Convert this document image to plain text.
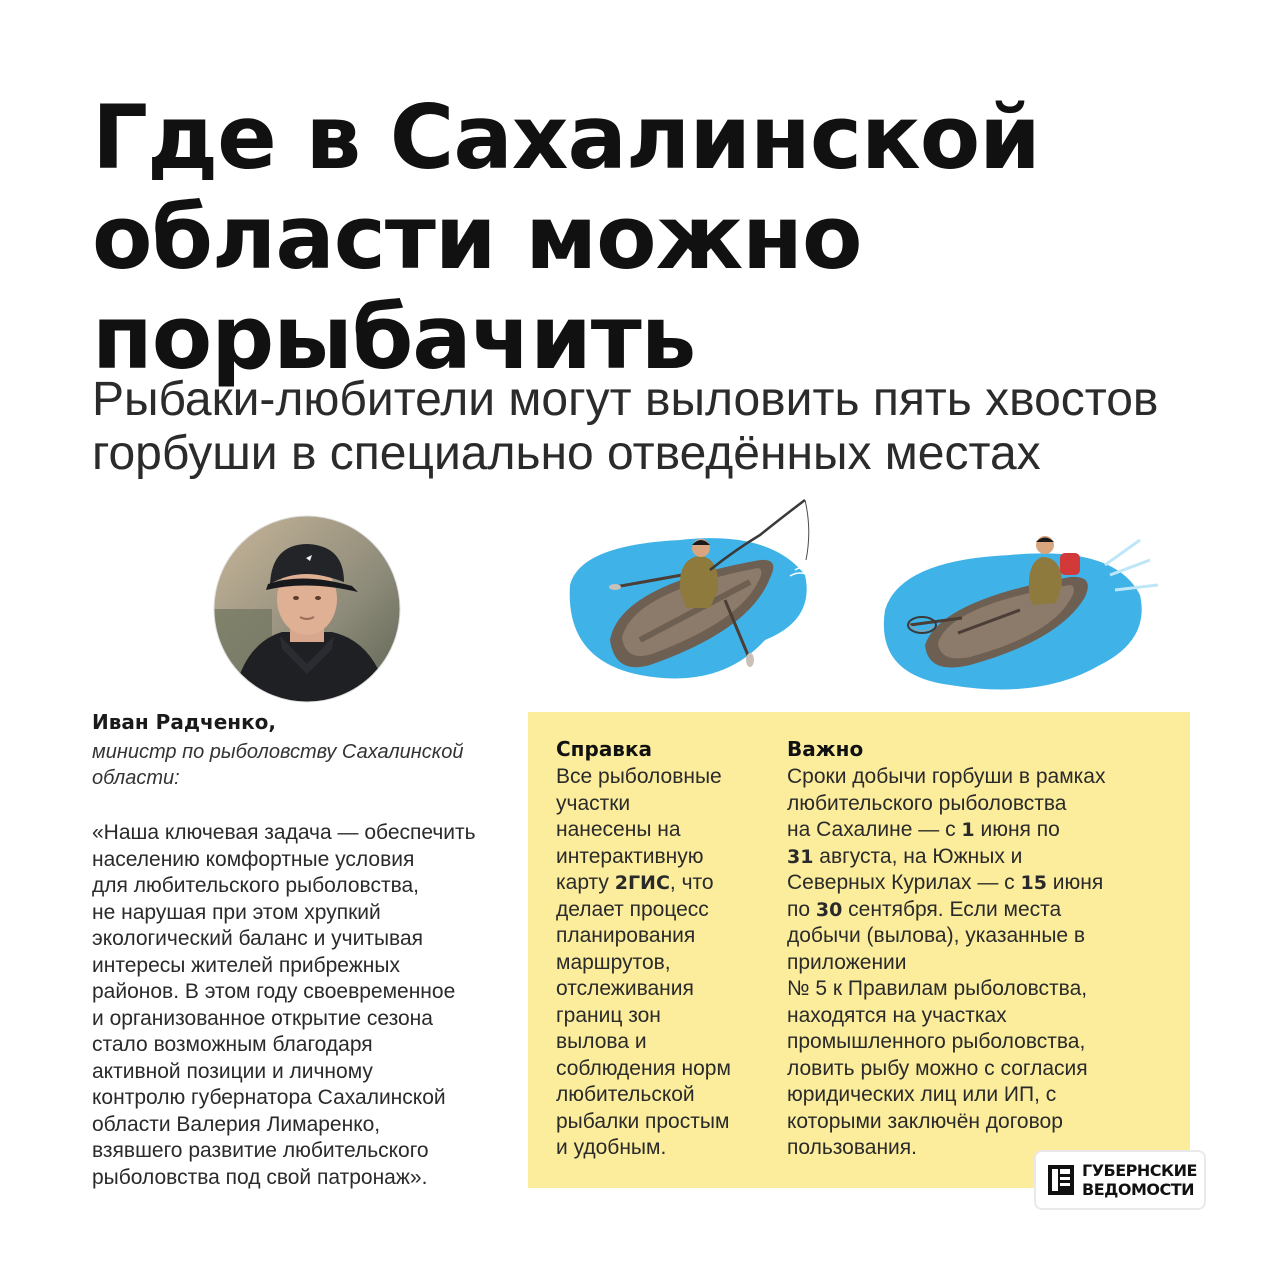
Где в Сахалинской
области можно
порыбачить
Рыбаки-любители могут выловить пять хвостов
горбуши в специально отведённых местах

Иван Радченко,

министр по рыболовству Сахалинской
области:

«Наша ключевая задача — обеспечить
населению комфортные условия
для любительского рыболовства,
не нарушая при этом хрупкий
экологический баланс и учитывая
интересы жителей прибрежных
районов. В этом году своевременное
и организованное открытие сезона
стало возможным благодаря
активной позиции и личному
контролю губернатора Сахалинской
области Валерия Лимаренко,
взявшего развитие любительского
рыболовства под свой патронаж».

Справка

Все рыболовные
участки
нанесены на
интерактивную
карту 2ГИС, что
делает процесс
планирования
маршрутов,
отслеживания
границ зон
вылова и
соблюдения норм
любительской
рыбалки простым
и удобным.

Важно

Сроки добычи горбуши в рамках
любительского рыболовства
на Сахалине — с 1 июня по
31 августа, на Южных и
Северных Курилах — с 15 июня
по 30 сентября. Если места
добычи (вылова), указанные в
приложении
№ 5 к Правилам рыболовства,
находятся на участках
промышленного рыболовства,
ловить рыбу можно с согласия
юридических лиц или ИП, с
которыми заключён договор
пользования.

ГУБЕРНСКИЕ
ВЕДОМОСТИ
